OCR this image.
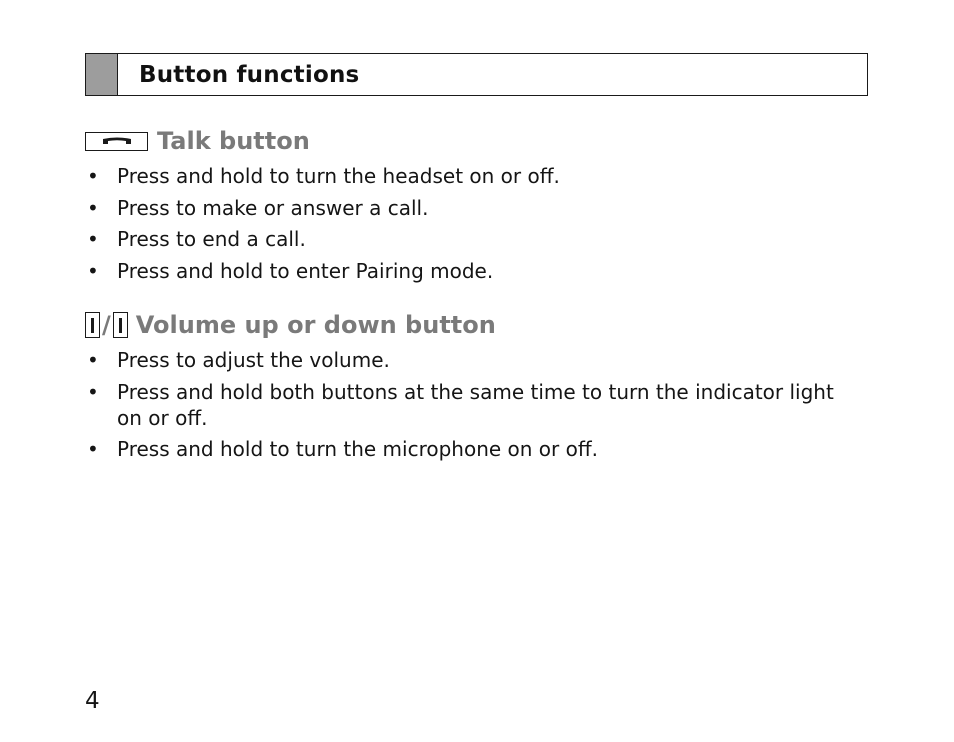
Button functions
Talk button
• Press and hold to turn the headset on or off.
• Press to make or answer a call.
• Press to end a call.
• Press and hold to enter Pairing mode.
/ Volume up or down button
• Press to adjust the volume.
• Press and hold both buttons at the same time to turn the indicator light on or off.
• Press and hold to turn the microphone on or off.
4
